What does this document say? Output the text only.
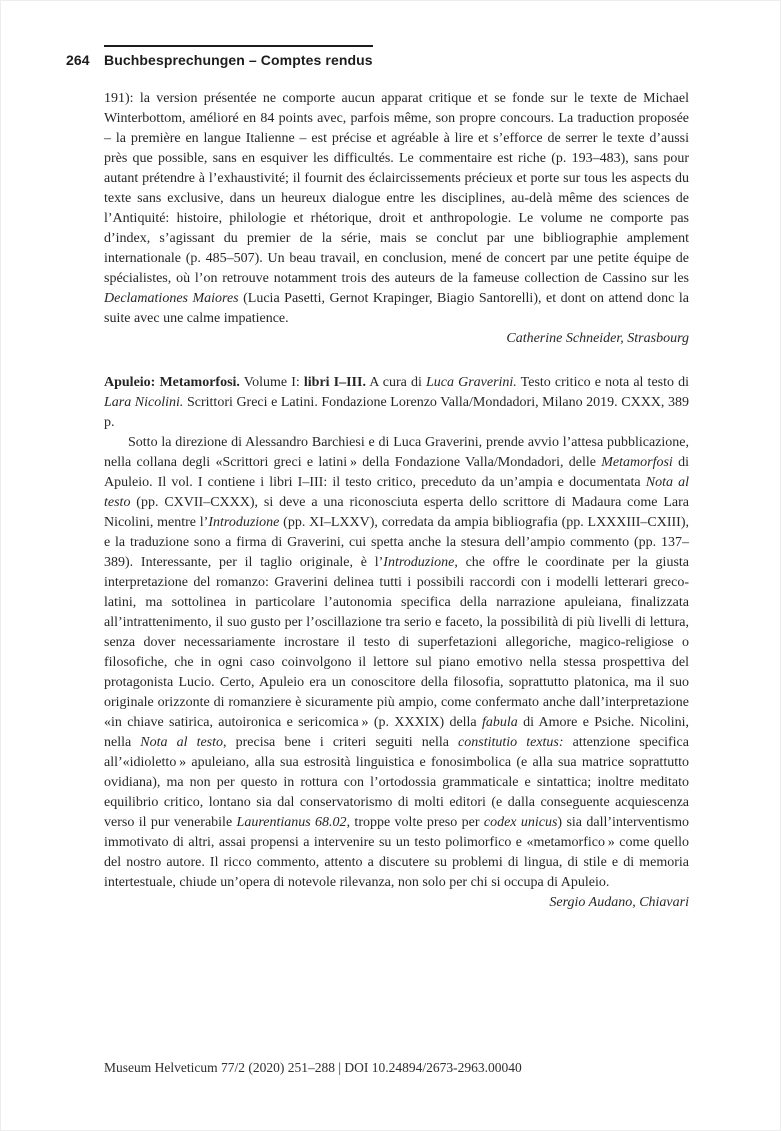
264	Buchbesprechungen – Comptes rendus

191): la version présentée ne comporte aucun apparat critique et se fonde sur le texte de Michael Winterbottom, amélioré en 84 points avec, parfois même, son propre concours. La traduction proposée – la première en langue Italienne – est précise et agréable à lire et s’efforce de serrer le texte d’aussi près que possible, sans en esquiver les difficultés. Le commentaire est riche (p. 193–483), sans pour autant prétendre à l’exhaustivité; il fournit des éclaircissements précieux et porte sur tous les aspects du texte sans exclusive, dans un heureux dialogue entre les disciplines, au-delà même des sciences de l’Antiquité: histoire, philologie et rhétorique, droit et anthropologie. Le volume ne comporte pas d’index, s’agissant du premier de la série, mais se conclut par une bibliographie amplement internationale (p. 485–507). Un beau travail, en conclusion, mené de concert par une petite équipe de spécialistes, où l’on retrouve notamment trois des auteurs de la fameuse collection de Cassino sur les Declamationes Maiores (Lucia Pasetti, Gernot Krapinger, Biagio Santorelli), et dont on attend donc la suite avec une calme impatience.

Catherine Schneider, Strasbourg

Apuleio: Metamorfosi. Volume I: libri I–III. A cura di Luca Graverini. Testo critico e nota al testo di Lara Nicolini. Scrittori Greci e Latini. Fondazione Lorenzo Valla/Mondadori, Milano 2019. CXXX, 389 p.

Sotto la direzione di Alessandro Barchiesi e di Luca Graverini, prende avvio l’attesa pubblicazione, nella collana degli «Scrittori greci e latini » della Fondazione Valla/Mondadori, delle Metamorfosi di Apuleio. Il vol. I contiene i libri I–III: il testo critico, preceduto da un’ampia e documentata Nota al testo (pp. CXVII–CXXX), si deve a una riconosciuta esperta dello scrittore di Madaura come Lara Nicolini, mentre l’Introduzione (pp. XI–LXXV), corredata da ampia bibliografia (pp. LXXXIII–CXIII), e la traduzione sono a firma di Graverini, cui spetta anche la stesura dell’ampio commento (pp. 137–389). Interessante, per il taglio originale, è l’Introduzione, che offre le coordinate per la giusta interpretazione del romanzo: Graverini delinea tutti i possibili raccordi con i modelli letterari greco-latini, ma sottolinea in particolare l’autonomia specifica della narrazione apuleiana, finalizzata all’intrattenimento, il suo gusto per l’oscillazione tra serio e faceto, la possibilità di più livelli di lettura, senza dover necessariamente incrostare il testo di superfetazioni allegoriche, magico-religiose o filosofiche, che in ogni caso coinvolgono il lettore sul piano emotivo nella stessa prospettiva del protagonista Lucio. Certo, Apuleio era un conoscitore della filosofia, soprattutto platonica, ma il suo originale orizzonte di romanziere è sicuramente più ampio, come confermato anche dall’interpretazione «in chiave satirica, autoironica e sericomica » (p. XXXIX) della fabula di Amore e Psiche. Nicolini, nella Nota al testo, precisa bene i criteri seguiti nella constitutio textus: attenzione specifica all’«idioletto » apuleiano, alla sua estrosità linguistica e fonosimbolica (e alla sua matrice soprattutto ovidiana), ma non per questo in rottura con l’ortodossia grammaticale e sintattica; inoltre meditato equilibrio critico, lontano sia dal conservatorismo di molti editori (e dalla conseguente acquiescenza verso il pur venerabile Laurentianus 68.02, troppe volte preso per codex unicus) sia dall’interventismo immotivato di altri, assai propensi a intervenire su un testo polimorfico e «metamorfico » come quello del nostro autore. Il ricco commento, attento a discutere su problemi di lingua, di stile e di memoria intertestuale, chiude un’opera di notevole rilevanza, non solo per chi si occupa di Apuleio.

Sergio Audano, Chiavari

Museum Helveticum 77/2 (2020) 251–288 | DOI 10.24894/2673-2963.00040
